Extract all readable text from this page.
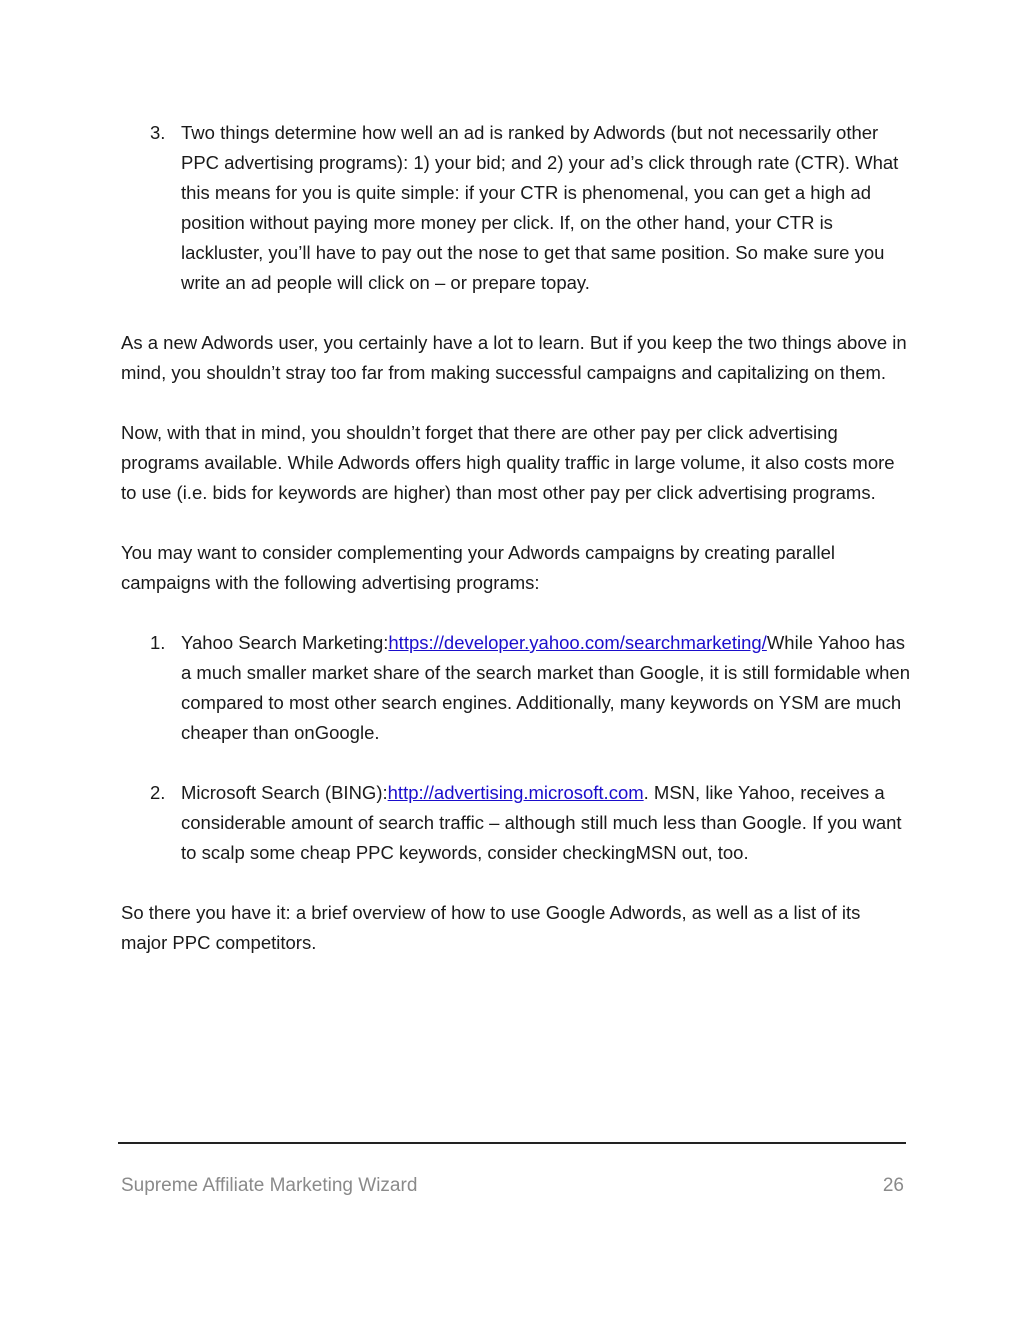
3. Two things determine how well an ad is ranked by Adwords (but not necessarily other PPC advertising programs): 1) your bid; and 2) your ad’s click through rate (CTR). What this means for you is quite simple: if your CTR is phenomenal, you can get a high ad position without paying more money per click. If, on the other hand, your CTR is lackluster, you’ll have to pay out the nose to get that same position. So make sure you write an ad people will click on – or prepare topay.

As a new Adwords user, you certainly have a lot to learn. But if you keep the two things above in mind, you shouldn’t stray too far from making successful campaigns and capitalizing on them.

Now, with that in mind, you shouldn’t forget that there are other pay per click advertising programs available. While Adwords offers high quality traffic in large volume, it also costs more to use (i.e. bids for keywords are higher) than most other pay per click advertising programs.

You may want to consider complementing your Adwords campaigns by creating parallel campaigns with the following advertising programs:

1. Yahoo Search Marketing:https://developer.yahoo.com/searchmarketing/While Yahoo has a much smaller market share of the search market than Google, it is still formidable when compared to most other search engines. Additionally, many keywords on YSM are much cheaper than onGoogle.
2. Microsoft Search (BING):http://advertising.microsoft.com. MSN, like Yahoo, receives a considerable amount of search traffic – although still much less than Google. If you want to scalp some cheap PPC keywords, consider checkingMSN out, too.

So there you have it: a brief overview of how to use Google Adwords, as well as a list of its major PPC competitors.

Supreme Affiliate Marketing Wizard	26
